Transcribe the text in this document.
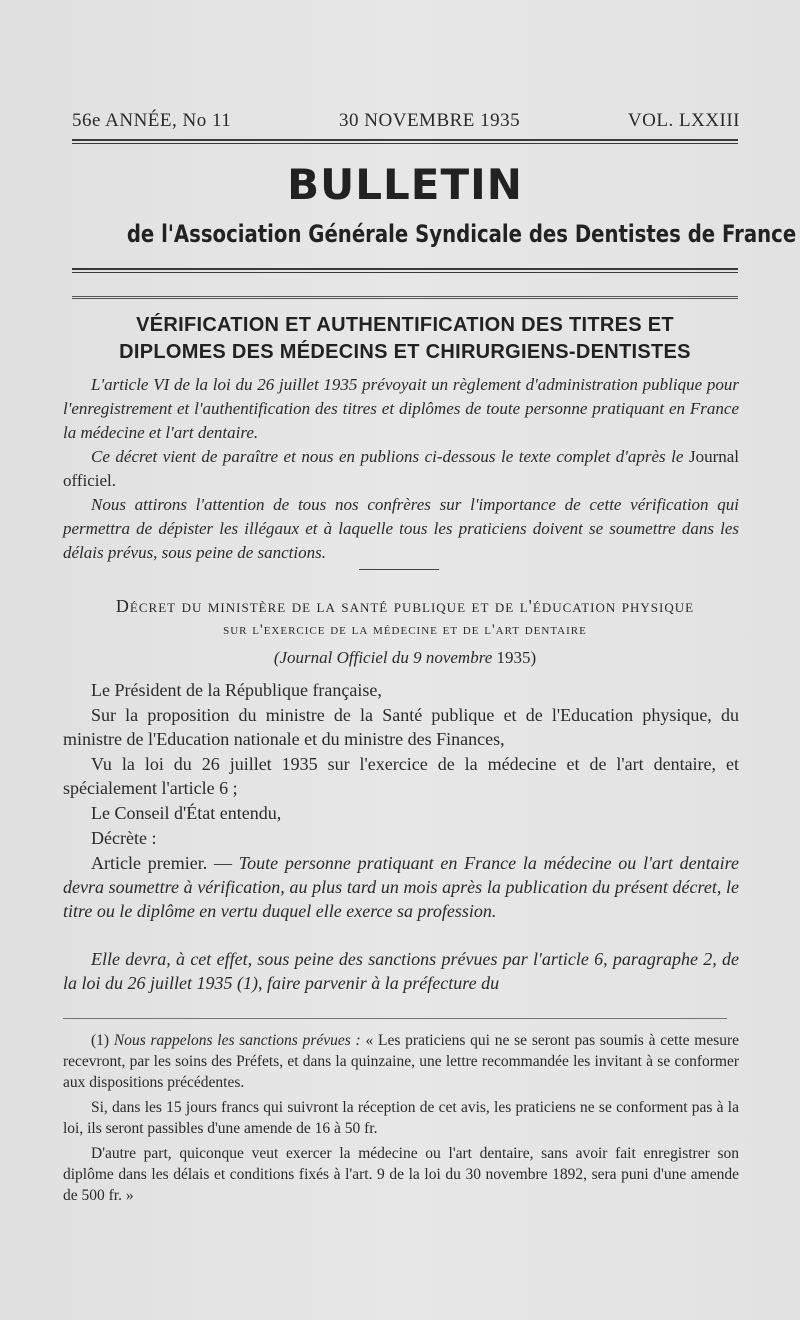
56e ANNÉE, No 11	30 NOVEMBRE 1935	VOL. LXXIII
BULLETIN
de l'Association Générale Syndicale des Dentistes de France
VÉRIFICATION ET AUTHENTIFICATION DES TITRES ET
DIPLOMES DES MÉDECINS ET CHIRURGIENS-DENTISTES

L'article VI de la loi du 26 juillet 1935 prévoyait un règlement d'administration publique pour l'enregistrement et l'authentification des titres et diplômes de toute personne pratiquant en France la médecine et l'art dentaire.

Ce décret vient de paraître et nous en publions ci-dessous le texte complet d'après le Journal officiel.

Nous attirons l'attention de tous nos confrères sur l'importance de cette vérification qui permettra de dépister les illégaux et à laquelle tous les praticiens doivent se soumettre dans les délais prévus, sous peine de sanctions.

Décret du ministère de la santé publique et de l'éducation physique
sur l'exercice de la médecine et de l'art dentaire
(Journal Officiel du 9 novembre 1935)

Le Président de la République française,

Sur la proposition du ministre de la Santé publique et de l'Education physique, du ministre de l'Education nationale et du ministre des Finances,

Vu la loi du 26 juillet 1935 sur l'exercice de la médecine et de l'art dentaire, et spécialement l'article 6 ;

Le Conseil d'État entendu,

Décrète :

Article premier. — Toute personne pratiquant en France la médecine ou l'art dentaire devra soumettre à vérification, au plus tard un mois après la publication du présent décret, le titre ou le diplôme en vertu duquel elle exerce sa profession.

Elle devra, à cet effet, sous peine des sanctions prévues par l'article 6, paragraphe 2, de la loi du 26 juillet 1935 (1), faire parvenir à la préfecture du

(1) Nous rappelons les sanctions prévues : « Les praticiens qui ne se seront pas soumis à cette mesure recevront, par les soins des Préfets, et dans la quinzaine, une lettre recommandée les invitant à se conformer aux dispositions précédentes.

Si, dans les 15 jours francs qui suivront la réception de cet avis, les praticiens ne se conforment pas à la loi, ils seront passibles d'une amende de 16 à 50 fr.

D'autre part, quiconque veut exercer la médecine ou l'art dentaire, sans avoir fait enregistrer son diplôme dans les délais et conditions fixés à l'art. 9 de la loi du 30 novembre 1892, sera puni d'une amende de 500 fr. »
